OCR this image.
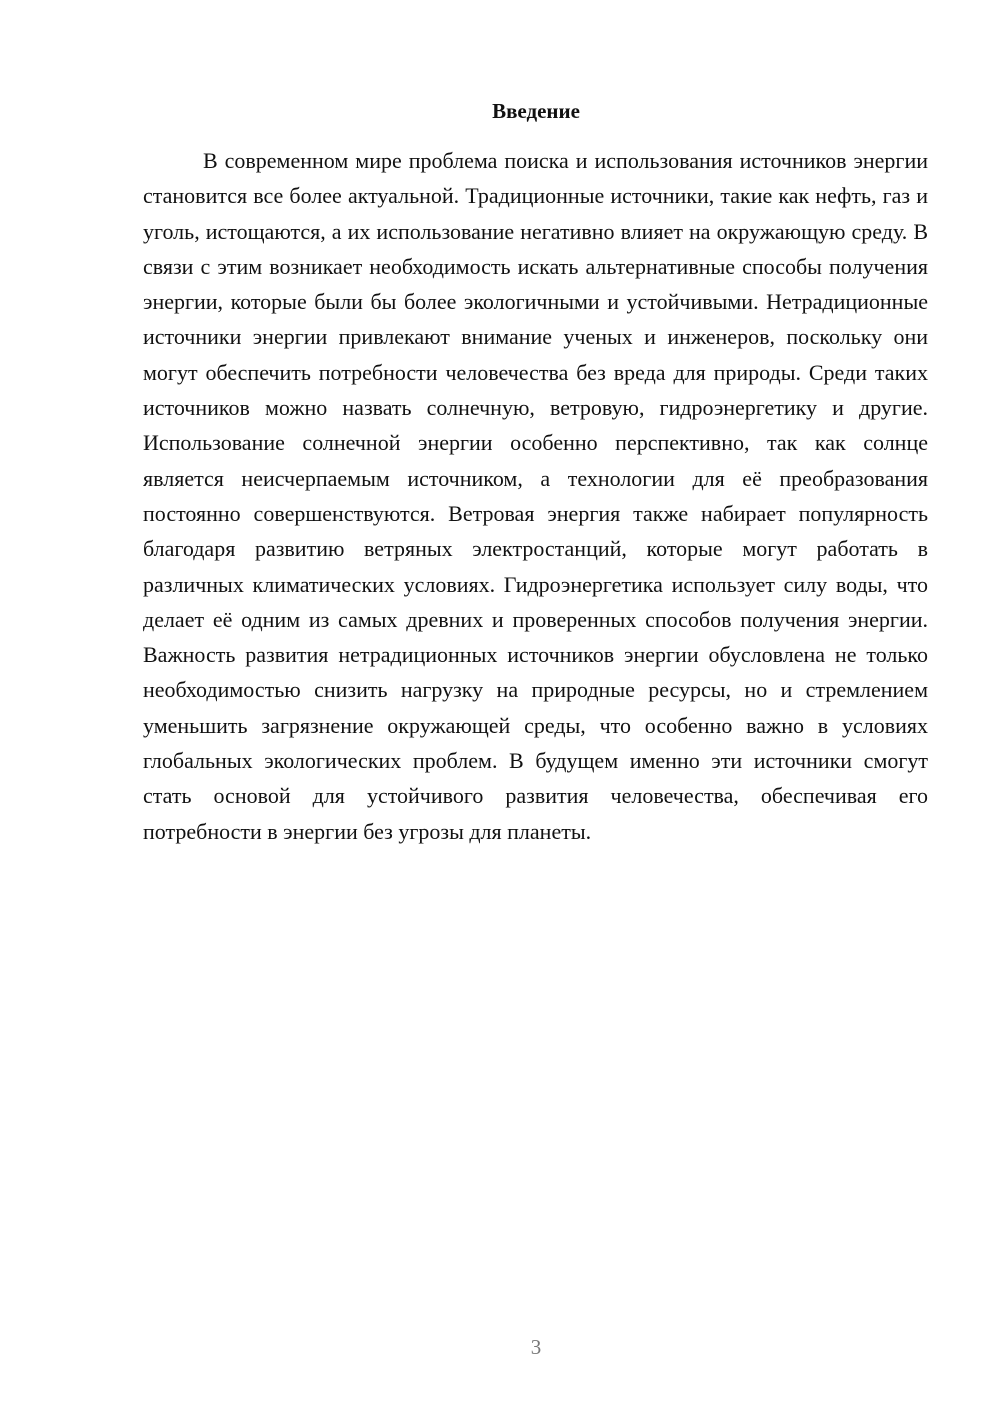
Введение

В современном мире проблема поиска и использования источников энергии становится все более актуальной. Традиционные источники, такие как нефть, газ и уголь, истощаются, а их использование негативно влияет на окружающую среду. В связи с этим возникает необходимость искать альтернативные способы получения энергии, которые были бы более экологичными и устойчивыми. Нетрадиционные источники энергии привлекают внимание ученых и инженеров, поскольку они могут обеспечить потребности человечества без вреда для природы. Среди таких источников можно назвать солнечную, ветровую, гидроэнергетику и другие. Использование солнечной энергии особенно перспективно, так как солнце является неисчерпаемым источником, а технологии для её преобразования постоянно совершенствуются. Ветровая энергия также набирает популярность благодаря развитию ветряных электростанций, которые могут работать в различных климатических условиях. Гидроэнергетика использует силу воды, что делает её одним из самых древних и проверенных способов получения энергии. Важность развития нетрадиционных источников энергии обусловлена не только необходимостью снизить нагрузку на природные ресурсы, но и стремлением уменьшить загрязнение окружающей среды, что особенно важно в условиях глобальных экологических проблем. В будущем именно эти источники смогут стать основой для устойчивого развития человечества, обеспечивая его потребности в энергии без угрозы для планеты.

3
